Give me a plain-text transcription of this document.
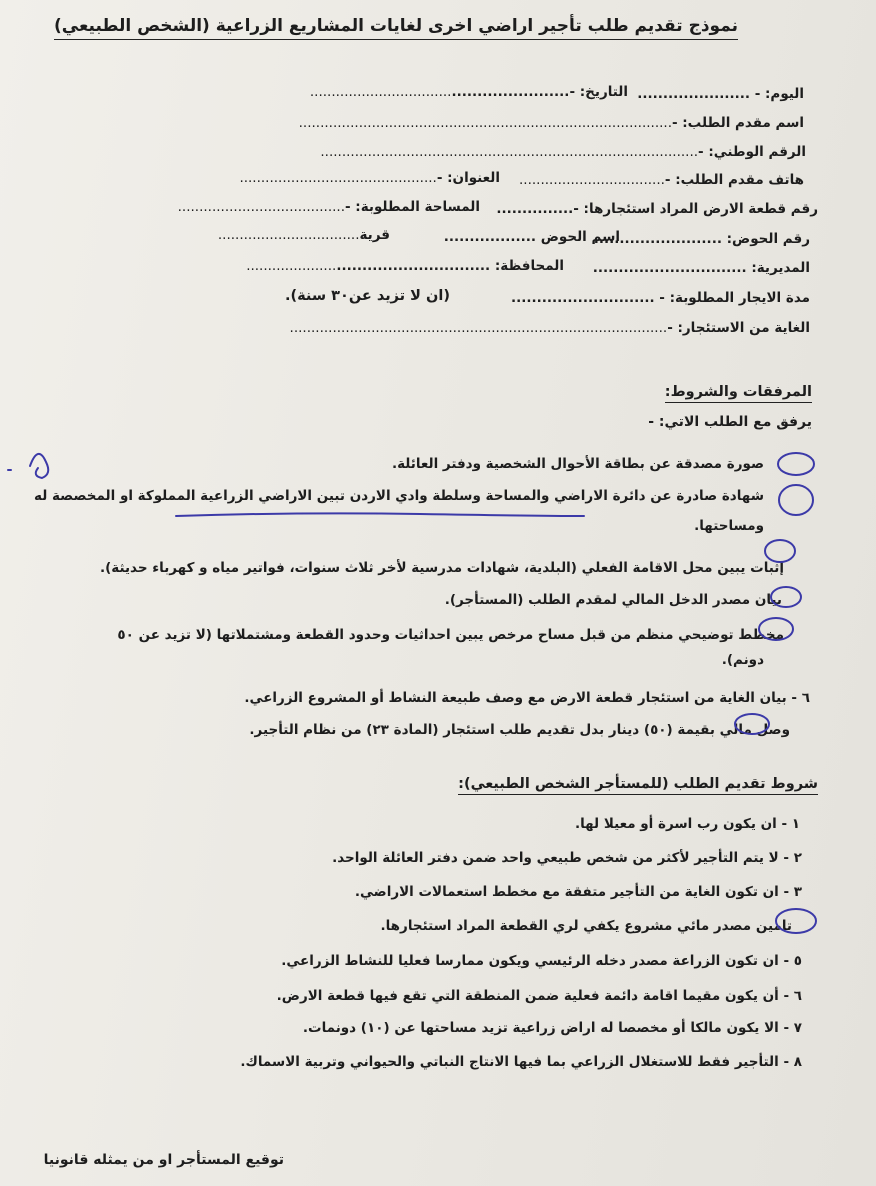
نموذج تقديم طلب تأجير اراضي اخرى لغايات المشاريع الزراعية (الشخص الطبيعي)
اليوم: - ......................
التاريخ: -........................................................
اسم مقدم الطلب: -.......................................................................................
الرقم الوطني: -........................................................................................
هاتف مقدم الطلب: -..................................
العنوان: -..............................................
رقم قطعة الارض المراد استئجارها: -...............
المساحة المطلوبة: -.......................................
رقم الحوض: .........................
اسم الحوض ..................
قرية.................................
المديرية: ..............................
المحافظة: ...................................................
مدة الايجار المطلوبة: - ............................
(ان لا تزيد عن٣٠ سنة).
الغاية من الاستئجار: -........................................................................................
المرفقات والشروط:
يرفق مع الطلب الاتي: -
صورة مصدقة عن بطاقة الأحوال الشخصية ودفتر العائلة.
شهادة صادرة عن دائرة الاراضي والمساحة وسلطة وادي الاردن تبين الاراضي الزراعية المملوكة او المخصصة له
ومساحتها.
إثبات يبين محل الاقامة الفعلي (البلدية، شهادات مدرسية لأخر ثلاث سنوات، فواتير مياه و كهرباء حديثة).
بيان مصدر الدخل المالي لمقدم الطلب (المستأجر).
مخطط توضيحي منظم من قبل مساح مرخص يبين احداثيات وحدود القطعة ومشتملاتها (لا تزيد عن ٥٠
دونم).
٦ - بيان الغاية من استئجار قطعة الارض مع وصف طبيعة النشاط أو المشروع الزراعي.
وصل مالي بقيمة (٥٠) دينار بدل تقديم طلب استئجار (المادة ٢٣) من نظام التأجير.
شروط تقديم الطلب (للمستأجر الشخص الطبيعي):
١ - ان يكون رب اسرة أو معيلا لها.
٢ - لا يتم التأجير لأكثر من شخص طبيعي واحد ضمن دفتر العائلة الواحد.
٣ - ان تكون الغاية من التأجير متفقة مع مخطط استعمالات الاراضي.
تامين مصدر مائي مشروع يكفي لري القطعة المراد استئجارها.
٥ - ان تكون الزراعة مصدر دخله الرئيسي ويكون ممارسا فعليا للنشاط الزراعي.
٦ - أن يكون مقيما اقامة دائمة فعلية ضمن المنطقة التي تقع فيها قطعة الارض.
٧ - الا يكون مالكا أو مخصصا له اراض زراعية تزيد مساحتها عن (١٠) دونمات.
٨ - التأجير فقط للاستغلال الزراعي بما فيها الانتاج النباتي والحيواني وتربية الاسماك.
توقيع المستأجر او من يمثله قانونيا
